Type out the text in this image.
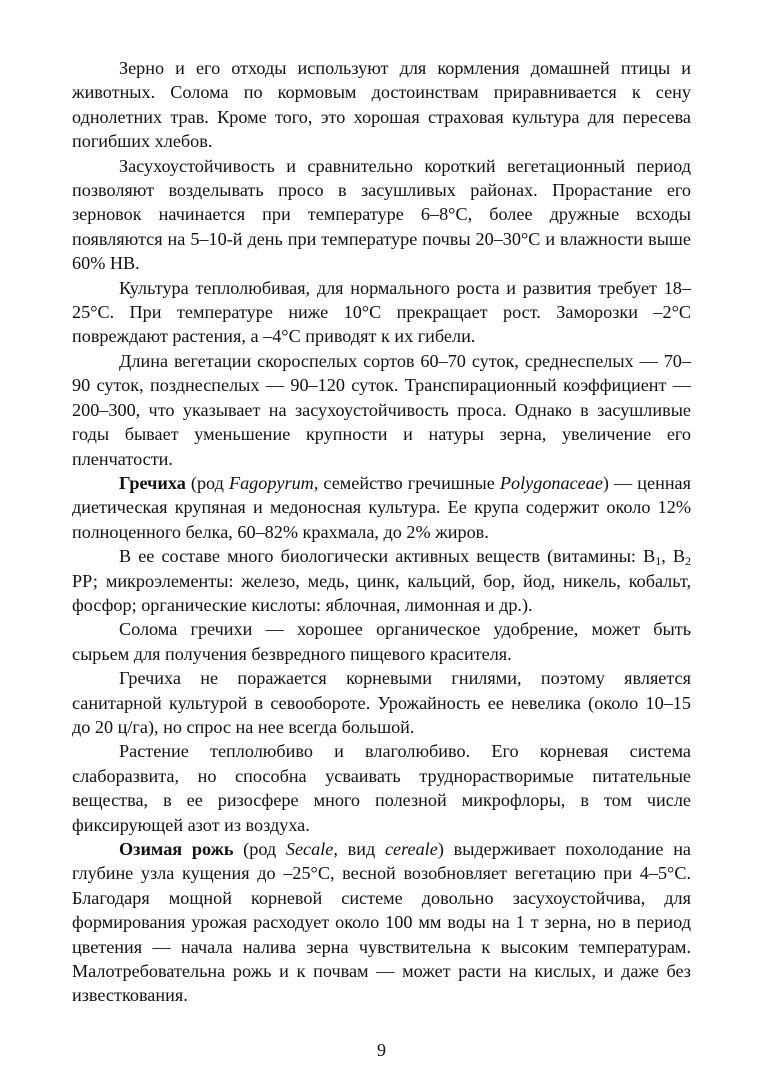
Зерно и его отходы используют для кормления домашней птицы и животных. Солома по кормовым достоинствам приравнивается к сену однолетних трав. Кроме того, это хорошая страховая культура для пересева погибших хлебов.

Засухоустойчивость и сравнительно короткий вегетационный период позволяют возделывать просо в засушливых районах. Прорастание его зерновок начинается при температуре 6–8°С, более дружные всходы появляются на 5–10-й день при температуре почвы 20–30°С и влажности выше 60% НВ.

Культура теплолюбивая, для нормального роста и развития требует 18–25°С. При температуре ниже 10°С прекращает рост. Заморозки –2°С повреждают растения, а –4°С приводят к их гибели.

Длина вегетации скороспелых сортов 60–70 суток, среднеспелых — 70–90 суток, позднеспелых — 90–120 суток. Транспирационный коэффициент — 200–300, что указывает на засухоустойчивость проса. Однако в засушливые годы бывает уменьшение крупности и натуры зерна, увеличение его пленчатости.

Гречиха (род Fagopyrum, семейство гречишные Polygonaceae) — ценная диетическая крупяная и медоносная культура. Ее крупа содержит около 12% полноценного белка, 60–82% крахмала, до 2% жиров.

В ее составе много биологически активных веществ (витамины: $В_1$, $В_2$ РР; микроэлементы: железо, медь, цинк, кальций, бор, йод, никель, кобальт, фосфор; органические кислоты: яблочная, лимонная и др.).

Солома гречихи — хорошее органическое удобрение, может быть сырьем для получения безвредного пищевого красителя.

Гречиха не поражается корневыми гнилями, поэтому является санитарной культурой в севообороте. Урожайность ее невелика (около 10–15 до 20 ц/га), но спрос на нее всегда большой.

Растение теплолюбиво и влаголюбиво. Его корневая система слаборазвита, но способна усваивать труднорастворимые питательные вещества, в ее ризосфере много полезной микрофлоры, в том числе фиксирующей азот из воздуха.

Озимая рожь (род Secale, вид cereale) выдерживает похолодание на глубине узла кущения до –25°С, весной возобновляет вегетацию при 4–5°С. Благодаря мощной корневой системе довольно засухоустойчива, для формирования урожая расходует около 100 мм воды на 1 т зерна, но в период цветения — начала налива зерна чувствительна к высоким температурам. Малотребовательна рожь и к почвам — может расти на кислых, и даже без известкования.

9
